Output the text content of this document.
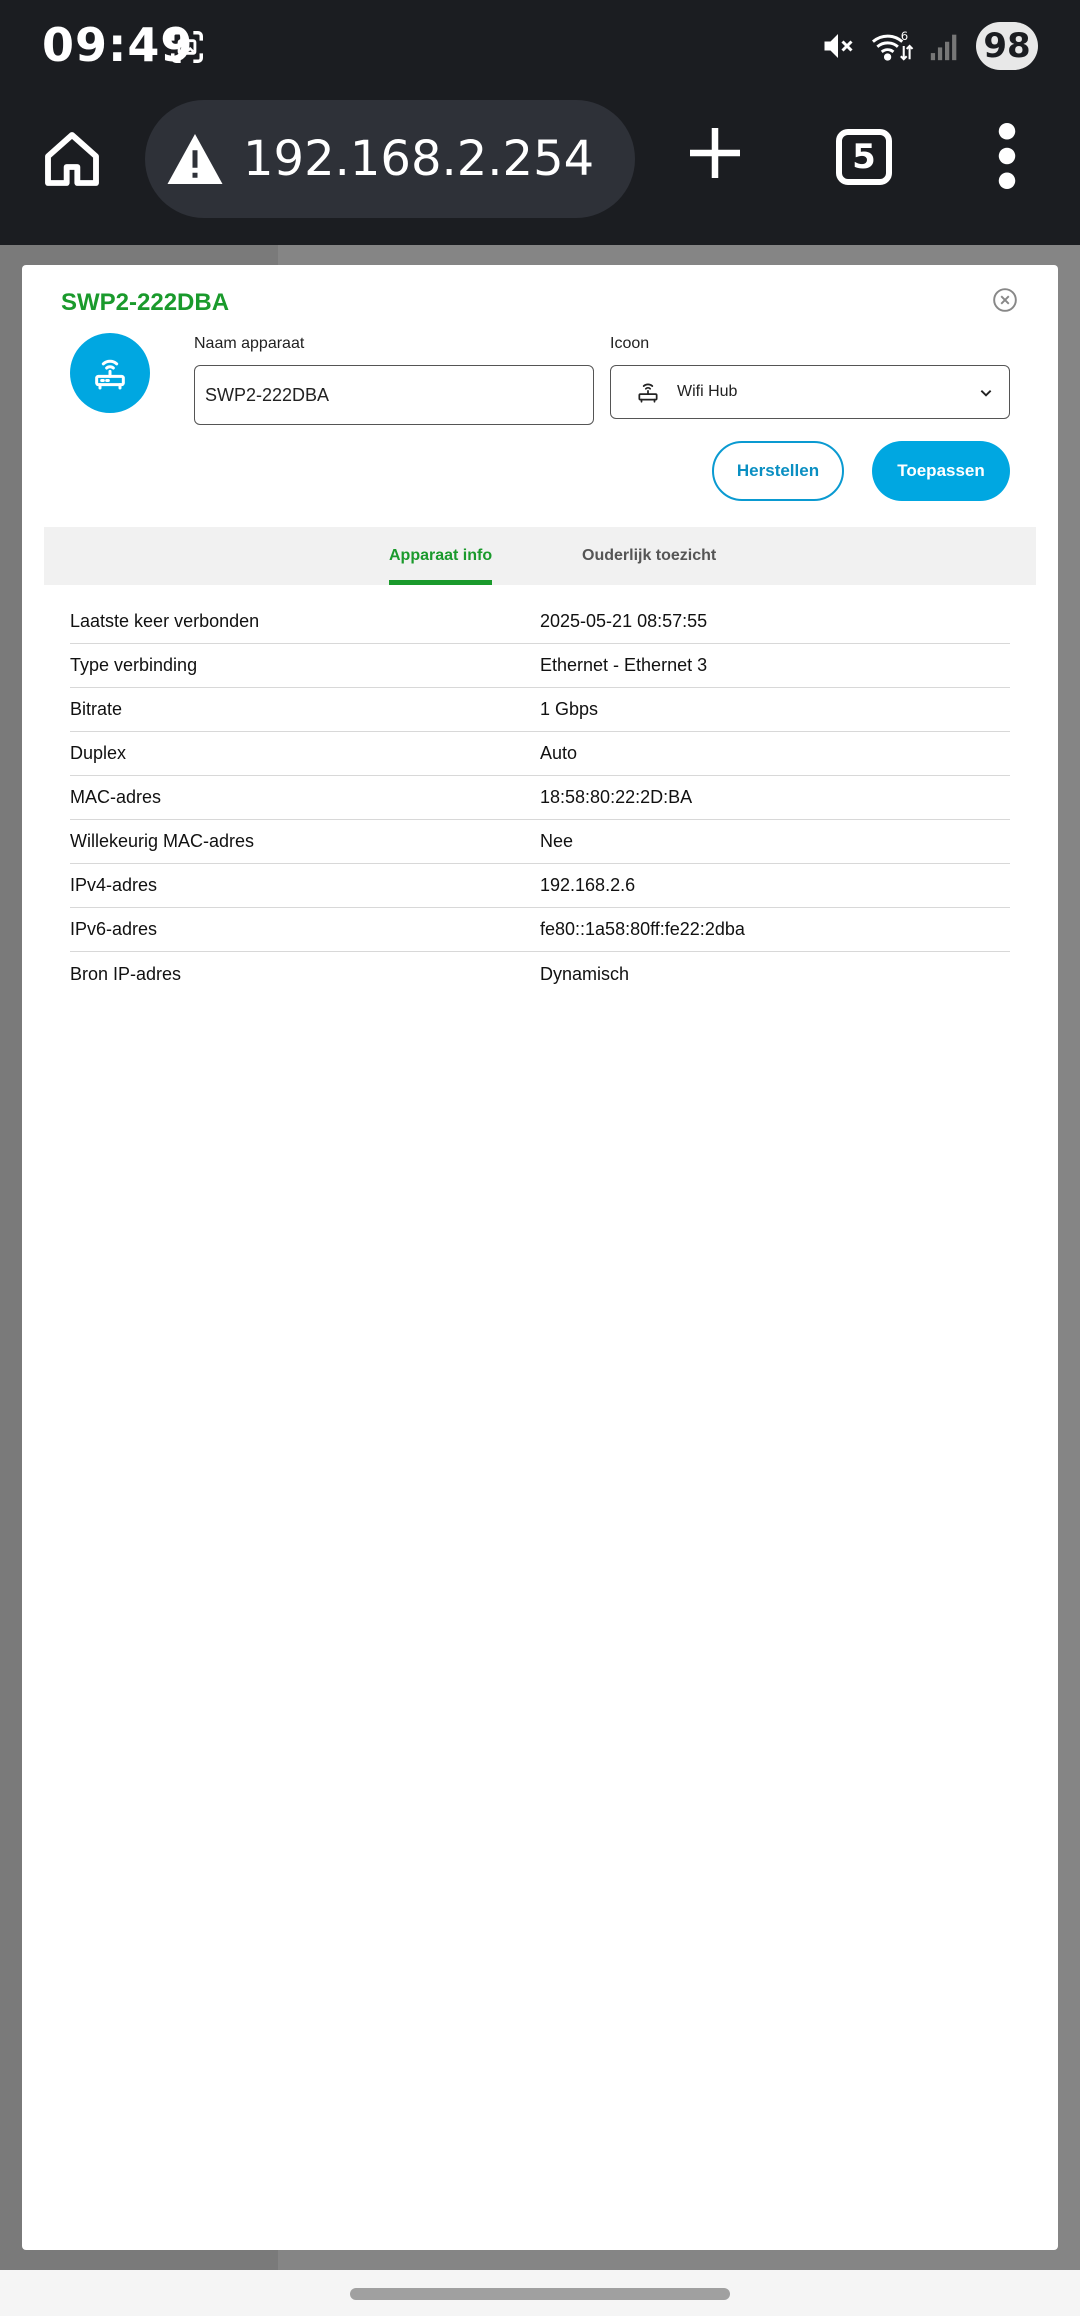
09:49	6 98
192.168.2.254	5
SWP2-222DBA
Naam apparaat
SWP2-222DBA	Icoon
Wifi Hub
Herstellen	Toepassen
Apparaat info	Ouderlijk toezicht
Laatste keer verbonden	2025-05-21 08:57:55
Type verbinding	Ethernet - Ethernet 3
Bitrate	1 Gbps
Duplex	Auto
MAC-adres	18:58:80:22:2D:BA
Willekeurig MAC-adres	Nee
IPv4-adres	192.168.2.6
IPv6-adres	fe80::1a58:80ff:fe22:2dba
Bron IP-adres	Dynamisch
